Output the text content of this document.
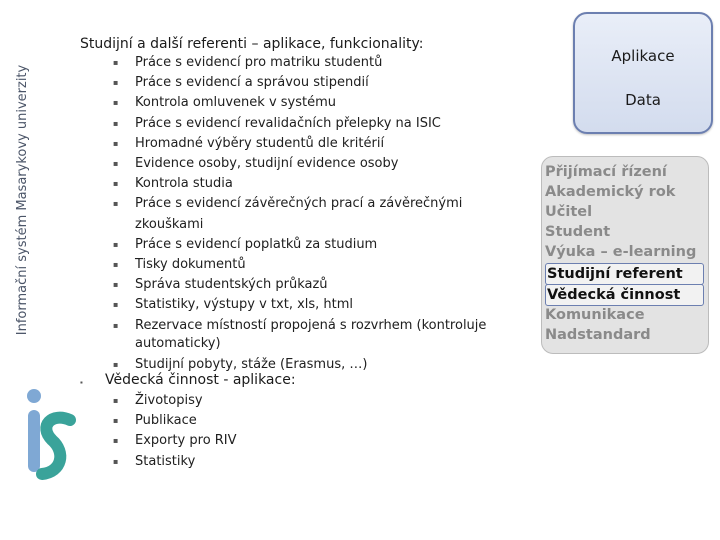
Informační systém Masarykovy univerzity
Studijní a další referenti – aplikace, funkcionality:
▪ Práce s evidencí pro matriku studentů
▪ Práce s evidencí a správou stipendií
▪ Kontrola omluvenek v systému
▪ Práce s evidencí revalidačních přelepky na ISIC
▪ Hromadné výběry studentů dle kritérií
▪ Evidence osoby, studijní evidence osoby
▪ Kontrola studia
▪ Práce s evidencí závěrečných prací a závěrečnými zkouškami
▪ Práce s evidencí poplatků za studium
▪ Tisky dokumentů
▪ Správa studentských průkazů
▪ Statistiky, výstupy v txt, xls, html
▪ Rezervace místností propojená s rozvrhem (kontroluje automaticky)
▪ Studijní pobyty, stáže (Erasmus, …)
▪ Vědecká činnost - aplikace:
▪ Životopisy
▪ Publikace
▪ Exporty pro RIV
▪ Statistiky
Aplikace
Data
Přijímací řízení
Akademický rok
Učitel
Student
Výuka – e-learning
Studijní referent
Vědecká činnost
Komunikace
Nadstandard
